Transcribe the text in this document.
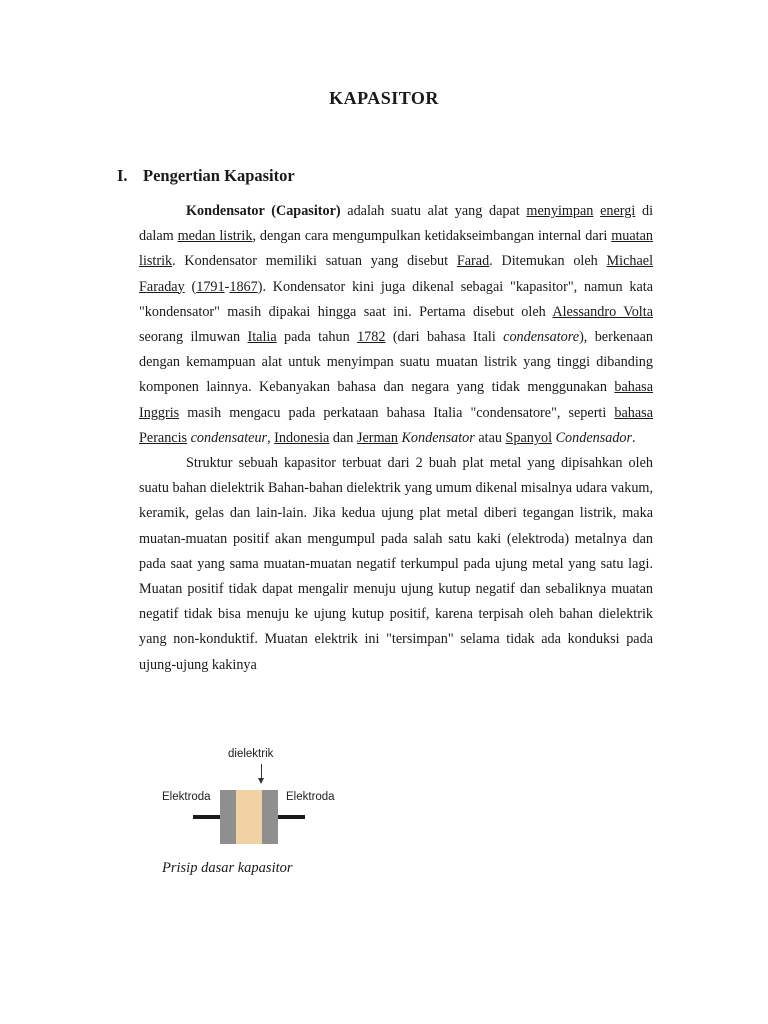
KAPASITOR
I. Pengertian Kapasitor

Kondensator (Capasitor) adalah suatu alat yang dapat menyimpan energi di dalam medan listrik, dengan cara mengumpulkan ketidakseimbangan internal dari muatan listrik. Kondensator memiliki satuan yang disebut Farad. Ditemukan oleh Michael Faraday (1791-1867). Kondensator kini juga dikenal sebagai "kapasitor", namun kata "kondensator" masih dipakai hingga saat ini. Pertama disebut oleh Alessandro Volta seorang ilmuwan Italia pada tahun 1782 (dari bahasa Itali condensatore), berkenaan dengan kemampuan alat untuk menyimpan suatu muatan listrik yang tinggi dibanding komponen lainnya. Kebanyakan bahasa dan negara yang tidak menggunakan bahasa Inggris masih mengacu pada perkataan bahasa Italia "condensatore", seperti bahasa Perancis condensateur, Indonesia dan Jerman Kondensator atau Spanyol Condensador.

Struktur sebuah kapasitor terbuat dari 2 buah plat metal yang dipisahkan oleh suatu bahan dielektrik Bahan-bahan dielektrik yang umum dikenal misalnya udara vakum, keramik, gelas dan lain-lain. Jika kedua ujung plat metal diberi tegangan listrik, maka muatan-muatan positif akan mengumpul pada salah satu kaki (elektroda) metalnya dan pada saat yang sama muatan-muatan negatif terkumpul pada ujung metal yang satu lagi. Muatan positif tidak dapat mengalir menuju ujung kutup negatif dan sebaliknya muatan negatif tidak bisa menuju ke ujung kutup positif, karena terpisah oleh bahan dielektrik yang non-konduktif. Muatan elektrik ini "tersimpan" selama tidak ada konduksi pada ujung-ujung kakinya

dielektrik
Elektroda	Elektroda
Prisip dasar kapasitor
